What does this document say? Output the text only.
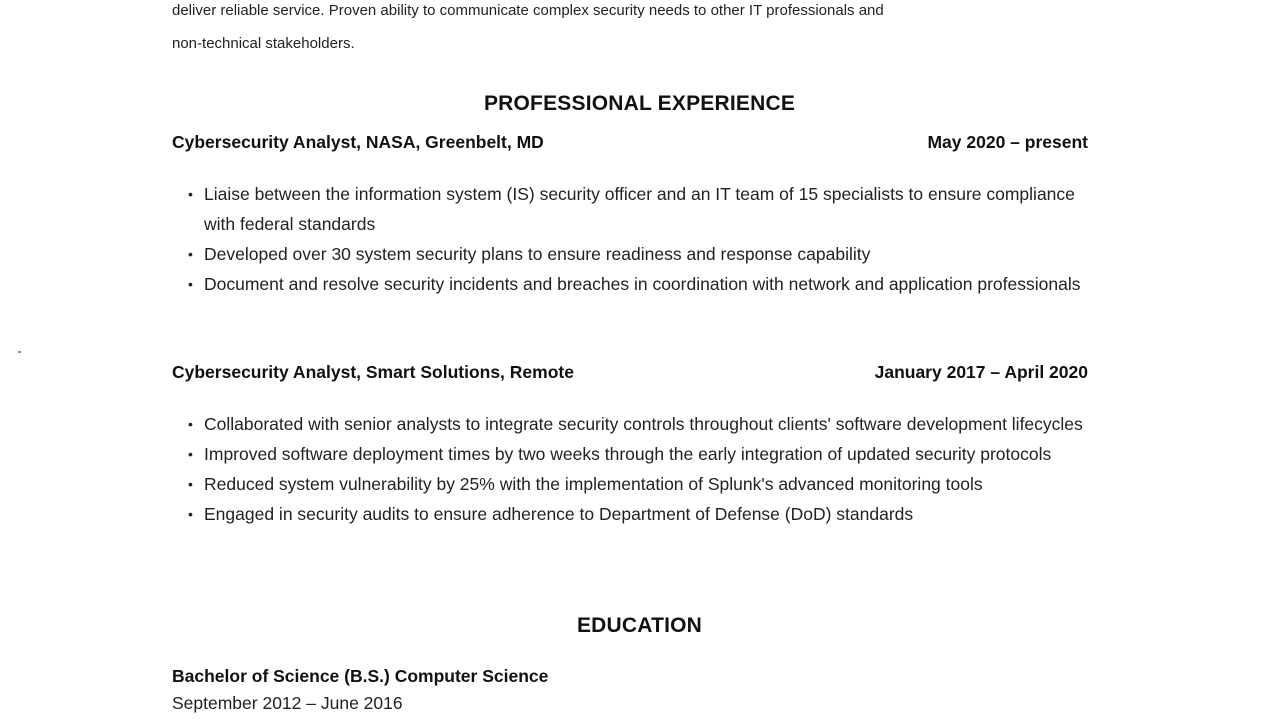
deliver reliable service. Proven ability to communicate complex security needs to other IT professionals and
non-technical stakeholders.
PROFESSIONAL EXPERIENCE
Cybersecurity Analyst, NASA, Greenbelt, MD	May 2020 – present
• Liaise between the information system (IS) security officer and an IT team of 15 specialists to ensure compliance with federal standards
• Developed over 30 system security plans to ensure readiness and response capability
• Document and resolve security incidents and breaches in coordination with network and application professionals
Cybersecurity Analyst, Smart Solutions, Remote	January 2017 – April 2020
• Collaborated with senior analysts to integrate security controls throughout clients' software development lifecycles
• Improved software deployment times by two weeks through the early integration of updated security protocols
• Reduced system vulnerability by 25% with the implementation of Splunk's advanced monitoring tools
• Engaged in security audits to ensure adherence to Department of Defense (DoD) standards
EDUCATION
Bachelor of Science (B.S.) Computer Science
September 2012 – June 2016
